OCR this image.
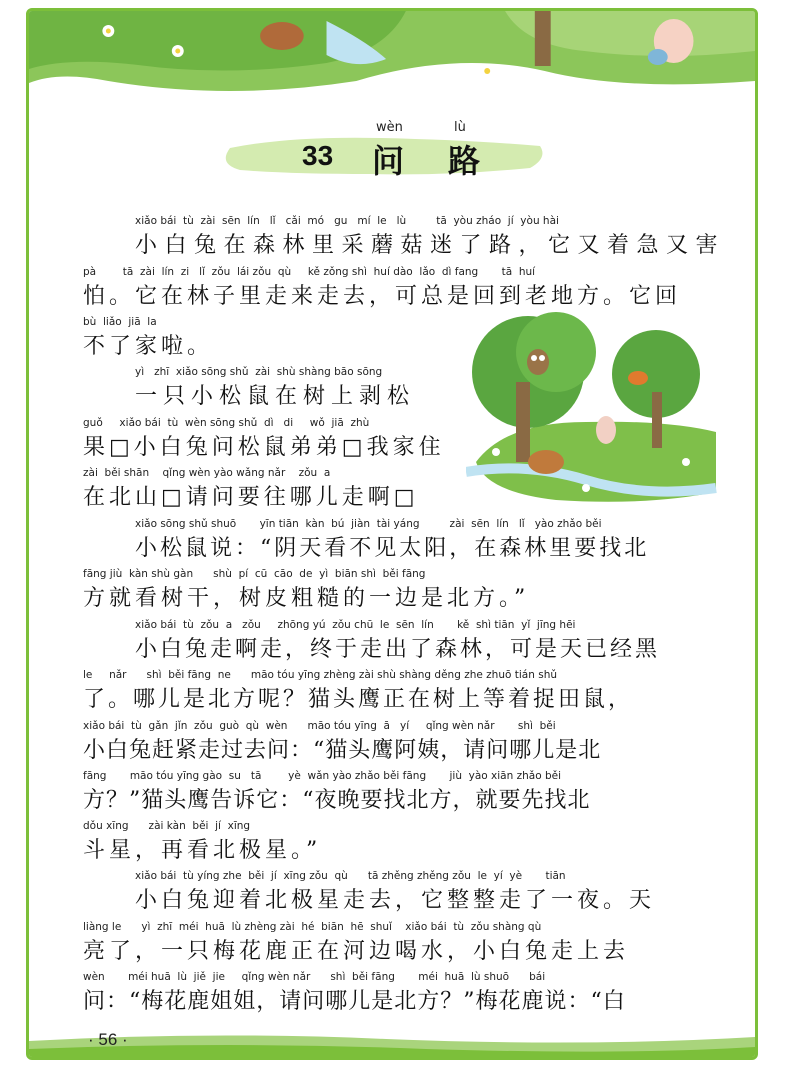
wèn	lù
33 问 路
xiǎo bái  tù  zài  sēn  lín   lǐ   cǎi  mó   gu   mí  le   lù         tā  yòu zháo  jí  yòu hài
小白兔在森林里采蘑菇迷了路，它又着急又害
pà        tā  zài  lín  zi   lǐ  zǒu  lái zǒu  qù     kě zǒng shì  huí dào  lǎo  dì fang       tā  huí
怕。它在林子里走来走去，可总是回到老地方。它回
bù  liǎo  jiā  la
不了家啦。
yì   zhī  xiǎo sōng shǔ  zài  shù shàng bāo sōng
一只小松鼠在树上剥松
guǒ     xiǎo bái  tù  wèn sōng shǔ  dì   di     wǒ  jiā  zhù
果□小白兔问松鼠弟弟□我家住
zài  běi shān    qǐng wèn yào wǎng nǎr    zǒu  a
在北山□请问要往哪儿走啊□
xiǎo sōng shǔ shuō       yīn tiān  kàn  bú  jiàn  tài yáng         zài  sēn  lín   lǐ   yào zhǎo běi
小松鼠说：“阴天看不见太阳，在森林里要找北
fāng jiù  kàn shù gàn      shù  pí  cū  cāo  de  yì  biān shì  běi fāng
方就看树干，树皮粗糙的一边是北方。”
xiǎo bái  tù  zǒu  a   zǒu     zhōng yú  zǒu chū  le  sēn  lín       kě  shì tiān  yǐ  jīng hēi
小白兔走啊走，终于走出了森林，可是天已经黑
le     nǎr      shì  běi fāng  ne      māo tóu yīng zhèng zài shù shàng děng zhe zhuō tián shǔ
了。哪儿是北方呢？猫头鹰正在树上等着捉田鼠，
xiǎo bái  tù  gǎn  jǐn  zǒu  guò  qù  wèn      māo tóu yīng  ā   yí     qǐng wèn nǎr       shì  běi
小白兔赶紧走过去问：“猫头鹰阿姨，请问哪儿是北
fāng       māo tóu yīng gào  su   tā        yè  wǎn yào zhǎo běi fāng       jiù  yào xiān zhǎo běi
方？”猫头鹰告诉它：“夜晚要找北方，就要先找北
dǒu xīng      zài kàn  běi  jí  xīng
斗星，再看北极星。”
xiǎo bái  tù yíng zhe  běi  jí  xīng zǒu  qù      tā zhěng zhěng zǒu  le  yí  yè       tiān
小白兔迎着北极星走去，它整整走了一夜。天
liàng le      yì  zhī  méi  huā  lù zhèng zài  hé  biān  hē  shuǐ    xiǎo bái  tù  zǒu shàng qù
亮了，一只梅花鹿正在河边喝水，小白兔走上去
wèn       méi huā  lù  jiě  jie     qǐng wèn nǎr      shì  běi fāng       méi  huā  lù shuō      bái
问：“梅花鹿姐姐，请问哪儿是北方？”梅花鹿说：“白
· 56 ·
